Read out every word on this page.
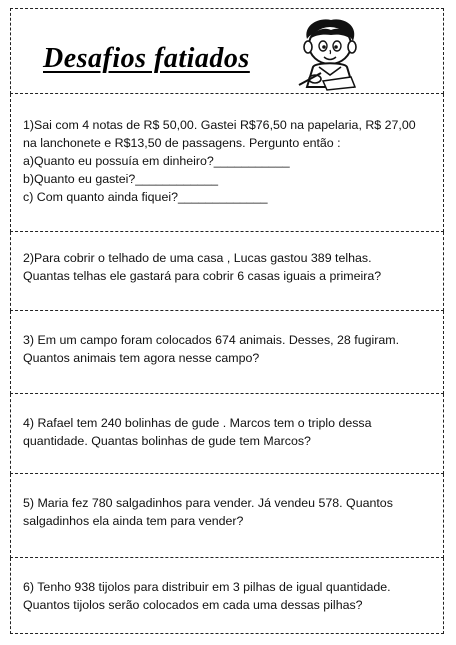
Desafios fatiados
1)Sai com 4 notas de R$ 50,00. Gastei R$76,50 na papelaria, R$ 27,00
na lanchonete e R$13,50 de passagens. Pergunto então :
a)Quanto eu possuía em dinheiro?___________
b)Quanto eu gastei?____________
c) Com quanto ainda fiquei?_____________
2)Para cobrir o telhado de uma casa , Lucas gastou 389 telhas.
Quantas telhas ele gastará para cobrir 6 casas iguais a primeira?
3) Em um campo foram colocados 674 animais. Desses, 28 fugiram.
Quantos animais tem agora nesse campo?
4) Rafael tem 240 bolinhas de gude . Marcos tem o triplo dessa
quantidade. Quantas bolinhas de gude tem Marcos?
5) Maria fez 780 salgadinhos para vender. Já vendeu 578. Quantos
salgadinhos ela ainda tem para vender?
6) Tenho 938 tijolos para distribuir em 3 pilhas de igual quantidade.
Quantos tijolos serão colocados em cada uma dessas pilhas?
